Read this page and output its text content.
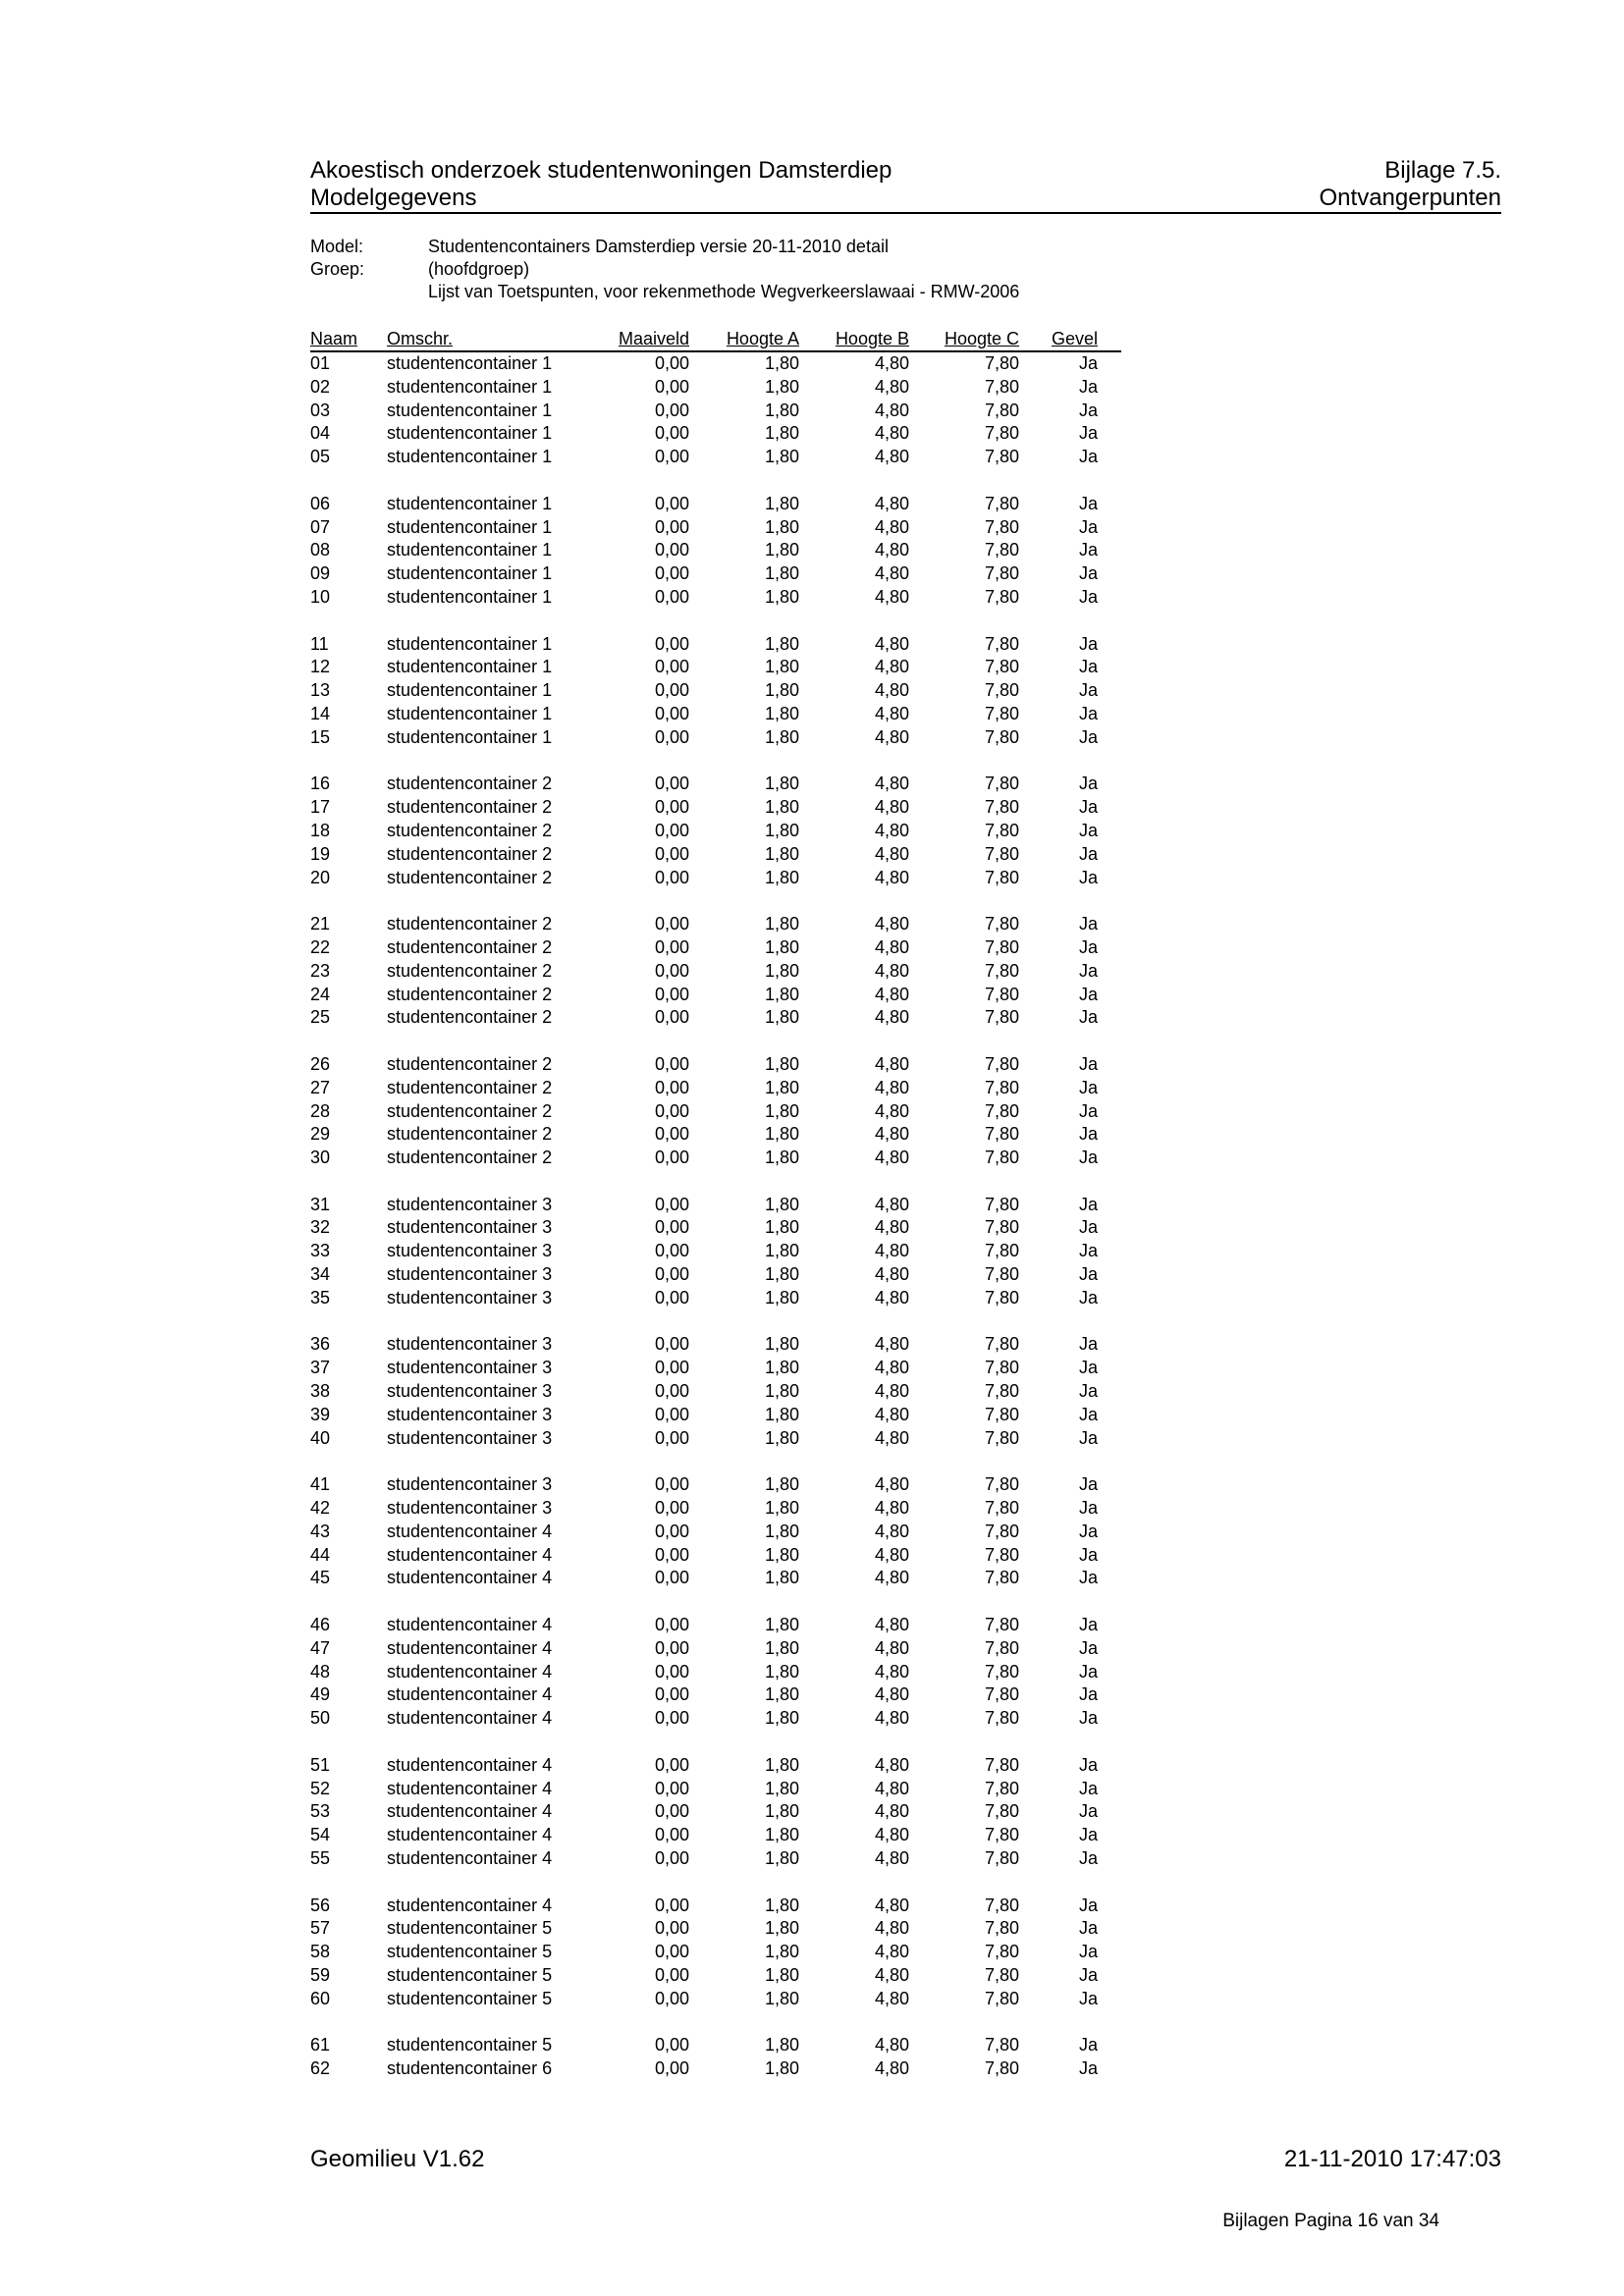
Akoestisch onderzoek studentenwoningen Damsterdiep	Bijlage 7.5.
Modelgegevens	Ontvangerpunten
Model:	Studentencontainers Damsterdiep versie 20-11-2010 detail
Groep:	(hoofdgroep)
Lijst van Toetspunten, voor rekenmethode Wegverkeerslawaai - RMW-2006
Naam	Omschr.	Maaiveld	Hoogte A	Hoogte B	Hoogte C	Gevel
01	studentencontainer 1	0,00	1,80	4,80	7,80	Ja
02	studentencontainer 1	0,00	1,80	4,80	7,80	Ja
03	studentencontainer 1	0,00	1,80	4,80	7,80	Ja
04	studentencontainer 1	0,00	1,80	4,80	7,80	Ja
05	studentencontainer 1	0,00	1,80	4,80	7,80	Ja

06	studentencontainer 1	0,00	1,80	4,80	7,80	Ja
07	studentencontainer 1	0,00	1,80	4,80	7,80	Ja
08	studentencontainer 1	0,00	1,80	4,80	7,80	Ja
09	studentencontainer 1	0,00	1,80	4,80	7,80	Ja
10	studentencontainer 1	0,00	1,80	4,80	7,80	Ja

11	studentencontainer 1	0,00	1,80	4,80	7,80	Ja
12	studentencontainer 1	0,00	1,80	4,80	7,80	Ja
13	studentencontainer 1	0,00	1,80	4,80	7,80	Ja
14	studentencontainer 1	0,00	1,80	4,80	7,80	Ja
15	studentencontainer 1	0,00	1,80	4,80	7,80	Ja

16	studentencontainer 2	0,00	1,80	4,80	7,80	Ja
17	studentencontainer 2	0,00	1,80	4,80	7,80	Ja
18	studentencontainer 2	0,00	1,80	4,80	7,80	Ja
19	studentencontainer 2	0,00	1,80	4,80	7,80	Ja
20	studentencontainer 2	0,00	1,80	4,80	7,80	Ja

21	studentencontainer 2	0,00	1,80	4,80	7,80	Ja
22	studentencontainer 2	0,00	1,80	4,80	7,80	Ja
23	studentencontainer 2	0,00	1,80	4,80	7,80	Ja
24	studentencontainer 2	0,00	1,80	4,80	7,80	Ja
25	studentencontainer 2	0,00	1,80	4,80	7,80	Ja

26	studentencontainer 2	0,00	1,80	4,80	7,80	Ja
27	studentencontainer 2	0,00	1,80	4,80	7,80	Ja
28	studentencontainer 2	0,00	1,80	4,80	7,80	Ja
29	studentencontainer 2	0,00	1,80	4,80	7,80	Ja
30	studentencontainer 2	0,00	1,80	4,80	7,80	Ja

31	studentencontainer 3	0,00	1,80	4,80	7,80	Ja
32	studentencontainer 3	0,00	1,80	4,80	7,80	Ja
33	studentencontainer 3	0,00	1,80	4,80	7,80	Ja
34	studentencontainer 3	0,00	1,80	4,80	7,80	Ja
35	studentencontainer 3	0,00	1,80	4,80	7,80	Ja

36	studentencontainer 3	0,00	1,80	4,80	7,80	Ja
37	studentencontainer 3	0,00	1,80	4,80	7,80	Ja
38	studentencontainer 3	0,00	1,80	4,80	7,80	Ja
39	studentencontainer 3	0,00	1,80	4,80	7,80	Ja
40	studentencontainer 3	0,00	1,80	4,80	7,80	Ja

41	studentencontainer 3	0,00	1,80	4,80	7,80	Ja
42	studentencontainer 3	0,00	1,80	4,80	7,80	Ja
43	studentencontainer 4	0,00	1,80	4,80	7,80	Ja
44	studentencontainer 4	0,00	1,80	4,80	7,80	Ja
45	studentencontainer 4	0,00	1,80	4,80	7,80	Ja

46	studentencontainer 4	0,00	1,80	4,80	7,80	Ja
47	studentencontainer 4	0,00	1,80	4,80	7,80	Ja
48	studentencontainer 4	0,00	1,80	4,80	7,80	Ja
49	studentencontainer 4	0,00	1,80	4,80	7,80	Ja
50	studentencontainer 4	0,00	1,80	4,80	7,80	Ja

51	studentencontainer 4	0,00	1,80	4,80	7,80	Ja
52	studentencontainer 4	0,00	1,80	4,80	7,80	Ja
53	studentencontainer 4	0,00	1,80	4,80	7,80	Ja
54	studentencontainer 4	0,00	1,80	4,80	7,80	Ja
55	studentencontainer 4	0,00	1,80	4,80	7,80	Ja

56	studentencontainer 4	0,00	1,80	4,80	7,80	Ja
57	studentencontainer 5	0,00	1,80	4,80	7,80	Ja
58	studentencontainer 5	0,00	1,80	4,80	7,80	Ja
59	studentencontainer 5	0,00	1,80	4,80	7,80	Ja
60	studentencontainer 5	0,00	1,80	4,80	7,80	Ja

61	studentencontainer 5	0,00	1,80	4,80	7,80	Ja
62	studentencontainer 6	0,00	1,80	4,80	7,80	Ja
Geomilieu V1.62	21-11-2010 17:47:03
Bijlagen Pagina 16 van 34
